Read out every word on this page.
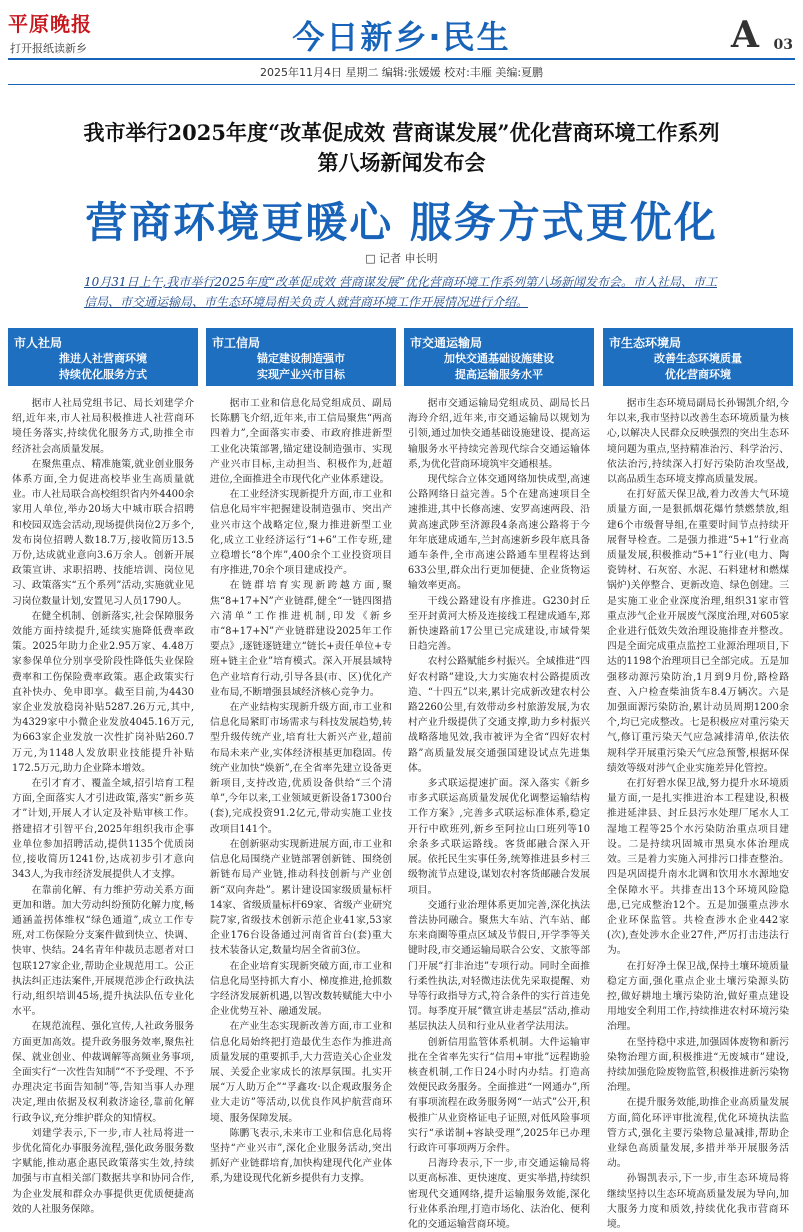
平原晚报
打开报纸读新乡	今日新乡·民生	A 03
2025年11月4日 星期二 编辑:张媛媛 校对:丰雁 美编:夏鹏
我市举行2025年度“改革促成效 营商谋发展”优化营商环境工作系列
第八场新闻发布会
营商环境更暖心 服务方式更优化
□ 记者 申长明
10月31日上午,我市举行2025年度“改革促成效 营商谋发展”优化营商环境工作系列第八场新闻发布会。市人社局、市工信局、市交通运输局、市生态环境局相关负责人就营商环境工作开展情况进行介绍。
市人社局
推进人社营商环境
持续优化服务方式

据市人社局党组书记、局长刘建学介绍,近年来,市人社局积极推进人社营商环境任务落实,持续优化服务方式,助推全市经济社会高质量发展。

在聚焦重点、精准施策,就业创业服务体系方面,全力促进高校毕业生高质量就业。市人社局联合高校组织省内外4400余家用人单位,举办20场大中城市联合招聘和校园双选会活动,现场提供岗位2万多个,发布岗位招聘人数18.7万,接收简历13.5万份,达成就业意向3.6万余人。创新开展政策宣讲、求职招聘、技能培训、岗位见习、政策落实“五个系列”活动,实施就业见习岗位数量计划,安置见习人员1790人。

在健全机制、创新落实,社会保障服务效能方面持续提升,延续实施降低费率政策。2025年助力企业2.95万家、4.48万家参保单位分别享受阶段性降低失业保险费率和工伤保险费率政策。惠企政策实行直补快办、免申即享。截至目前,为4430家企业发放稳岗补贴5287.26万元,其中,为4329家中小微企业发放4045.16万元,为663家企业发放一次性扩岗补贴260.7万元,为1148人发放职业技能提升补贴172.5万元,助力企业降本增效。

在引才育才、覆盖全域,招引培育工程方面,全面落实人才引进政策,落实“新乡英才”计划,开展人才认定及补贴审核工作。搭建招才引智平台,2025年组织我市企事业单位参加招聘活动,提供1135个优质岗位,接收简历1241份,达成初步引才意向343人,为我市经济发展提供人才支撑。

在靠前化解、有力维护劳动关系方面更加和谐。加大劳动纠纷预防化解力度,畅通涵盖拐体维权“绿色通道”,成立工作专班,对工伤保险分支案件做到快立、快调、快审、快结。24名青年仲裁员志愿者对口包联127家企业,帮助企业规范用工。公正执法纠正违法案件,开展规范涉企行政执法行动,组织培训45场,提升执法队伍专业化水平。

在规范流程、强化宣传,人社政务服务方面更加高效。提升政务服务效率,聚焦社保、就业创业、仲裁调解等高频业务事项,全面实行“一次性告知制”“不予受理、不予办理决定书面告知制”等,告知当事人办理决定,理由依据及权利救济途径,靠前化解行政争议,充分维护群众的知情权。

刘建学表示,下一步,市人社局将进一步优化简化办事服务流程,强化政务服务数字赋能,推动惠企惠民政策落实生效,持续加强与市直相关部门数据共享和协同合作,为企业发展和群众办事提供更优质便捷高效的人社服务保障。

市工信局
锚定建设制造强市
实现产业兴市目标

据市工业和信息化局党组成员、副局长陈鹏飞介绍,近年来,市工信局聚焦“两高四着力”,全面落实市委、市政府推进新型工业化决策部署,锚定建设制造强市、实现产业兴市目标,主动担当、积极作为,赶超进位,全面推进全市现代化产业体系建设。

在工业经济实现新提升方面,市工业和信息化局牢牢把握建设制造强市、突出产业兴市这个战略定位,聚力推进新型工业化,成立工业经济运行“1+6”工作专班,建立稳增长“8个库”,400余个工业投资项目有序推进,70余个项目建成投产。

在链群培育实现新跨越方面,聚焦“8+17+N”产业链群,健全“一链四图措六清单”工作推进机制,印发《新乡市“8+17+N”产业链群建设2025年工作要点》,逐链逐链建立“链长+责任单位+专班+链主企业”培育模式。深入开展县域特色产业培育行动,引导各县(市、区)优化产业布局,不断增强县域经济核心竞争力。

在产业结构实现新升级方面,市工业和信息化局紧盯市场需求与科技发展趋势,转型升级传统产业,培育壮大新兴产业,超前布局未来产业,实体经济根基更加稳固。传统产业加快“焕新”,在全省率先建立设备更新项目,支持改造,优质设备供给“三个清单”,今年以来,工业领域更新设备17300台(套),完成投资91.2亿元,带动实施工业技改项目141个。

在创新驱动实现新进展方面,市工业和信息化局围绕产业链部署创新链、围绕创新链布局产业链,推动科技创新与产业创新“双向奔赴”。累计建设国家级质量标杆14家、省级质量标杆69家、省级产业研究院7家,省级技术创新示范企业41家,53家企业176台设备通过河南省首台(套)重大技术装备认定,数量均居全省前3位。

在企业培育实现新突破方面,市工业和信息化局坚持抓大育小、梯度推进,抢抓数字经济发展新机遇,以智改数转赋能大中小企业优势互补、融通发展。

在产业生态实现新改善方面,市工业和信息化局始终把打造最优生态作为推进高质量发展的重要抓手,大力营造关心企业发展、关爱企业家成长的浓厚氛围。扎实开展“万人助万企”“孚鑫攻·以企观政服务企业大走访”等活动,以优良作风护航营商环境、服务保障发展。

陈鹏飞表示,未来市工业和信息化局将坚持“产业兴市”,深化企业服务活动,突出抓好产业链群培育,加快构建现代化产业体系,为建设现代化新乡提供有力支撑。

市交通运输局
加快交通基础设施建设
提高运输服务水平

据市交通运输局党组成员、副局长吕海玲介绍,近年来,市交通运输局以规划为引领,通过加快交通基础设施建设、提高运输服务水平持续完善现代综合交通运输体系,为优化营商环境筑牢交通根基。

现代综合立体交通网络加快成型,高速公路网络日益完善。5个在建高速项目全速推进,其中长修高速、安罗高速两段、沿黄高速武陟至济源段4条高速公路将于今年年底建成通车,兰封高速新乡段年底具备通车条件,全市高速公路通车里程将达到633公里,群众出行更加便捷、企业货物运输效率更高。

干线公路建设有序推进。G230封丘至开封黄河大桥及连接线工程建成通车,郑新快速路前17公里已完成建设,市域骨架日趋完善。

农村公路赋能乡村振兴。全域推进“四好农村路”建设,大力实施农村公路提质改造、“十四五”以来,累计完成新改建农村公路2260公里,有效带动乡村旅游发展,为农村产业升级提供了交通支撑,助力乡村振兴战略落地见效,我市被评为全省“四好农村路”高质量发展交通强国建设试点先进集体。

多式联运提速扩面。深入落实《新乡市多式联运高质量发展优化调整运输结构工作方案》,完善多式联运标准体系,稳定开行中欧班列,新乡至阿拉山口班列等10余条多式联运路线。客货邮融合深入开展。依托民生实事任务,统筹推进县乡村三级物流节点建设,谋划农村客货邮融合发展项目。

交通行业治理体系更加完善,深化执法普法协同融合。聚焦大车站、汽车站、邮东来商圈等重点区域及节假日,开学季等关键时段,市交通运输局联合公安、文旅等部门开展“打非治违”专项行动。同时全面推行柔性执法,对轻微违法优先采取提醒、劝导等行政指导方式,符合条件的实行首违免罚。每季度开展“微宣讲走基层”活动,推动基层执法人员和行业从业者学法用法。

创新信用监管体系机制。大件运输审批在全省率先实行“信用+审批”远程勘验核查机制,工作日24小时内办结。打造高效便民政务服务。全面推进“一网通办”,所有事项流程在政务服务网“一站式”公开,积极推广从业资格证电子证照,对低风险事项实行“承诺制+容缺受理”,2025年已办理行政许可事项两万余件。

吕海玲表示,下一步,市交通运输局将以更高标准、更快速度、更实举措,持续织密现代交通网络,提升运输服务效能,深化行业体系治理,打造市场化、法治化、便利化的交通运输营商环境。

市生态环境局
改善生态环境质量
优化营商环境

据市生态环境局副局长孙锡凯介绍,今年以来,我市坚持以改善生态环境质量为核心,以解决人民群众反映强烈的突出生态环境问题为重点,坚持精准治污、科学治污、依法治污,持续深入打好污染防治攻坚战,以高品质生态环境支撑高质量发展。

在打好蓝天保卫战,着力改善大气环境质量方面,一是狠抓烟花爆竹禁燃禁放,组建6个市级督导组,在重要时间节点持续开展督导检查。二是强力推进“5+1”行业高质量发展,积极推动“5+1”行业(电力、陶瓷铸材、石灰窑、水泥、石料建材和燃煤锅炉)关停整合、更新改造、绿色创建。三是实施工业企业深度治理,组织31家市管重点涉气企业开展废气深度治理,对605家企业进行低效失效治理设施排查并整改。四是全面完成重点监控工业源治理项目,下达的1198个治理项目已全部完成。五是加强移动源污染防治,1月到9月份,路检路查、入户检查柴油货车8.4万辆次。六是加强面源污染防治,累计动员周期1200余个,均已完成整改。七是积极应对重污染天气,修订重污染天气应急减排清单,依法依规科学开展重污染天气应急预警,根据环保绩效等级对涉气企业实施差异化管控。

在打好碧水保卫战,努力提升水环境质量方面,一是扎实推进治本工程建设,积极推进延津县、封丘县污水处理厂尾水人工湿地工程等25个水污染防治重点项目建设。二是持续巩固城市黑臭水体治理成效。三是着力实施入河排污口排查整治。四是巩固提升南水北调和饮用水水源地安全保障水平。共排查出13个环境风险隐患,已完成整治12个。五是加强重点涉水企业环保监管。共检查涉水企业442家(次),查处涉水企业27件,严厉打击违法行为。

在打好净土保卫战,保持土壤环境质量稳定方面,强化重点企业土壤污染源头防控,做好耕地土壤污染防治,做好重点建设用地安全利用工作,持续推进农村环境污染治理。

在坚持稳中求进,加强固体废物和新污染物治理方面,积极推进“无废城市”建设,持续加强危险废物监管,积极推进新污染物治理。

在提升服务效能,助推企业高质量发展方面,简化环评审批流程,优化环境执法监管方式,强化主要污染物总量减排,帮助企业绿色高质量发展,多措并举开展服务活动。

孙锡凯表示,下一步,市生态环境局将继续坚持以生态环境高质量发展为导向,加大服务力度和质效,持续优化我市营商环境。
